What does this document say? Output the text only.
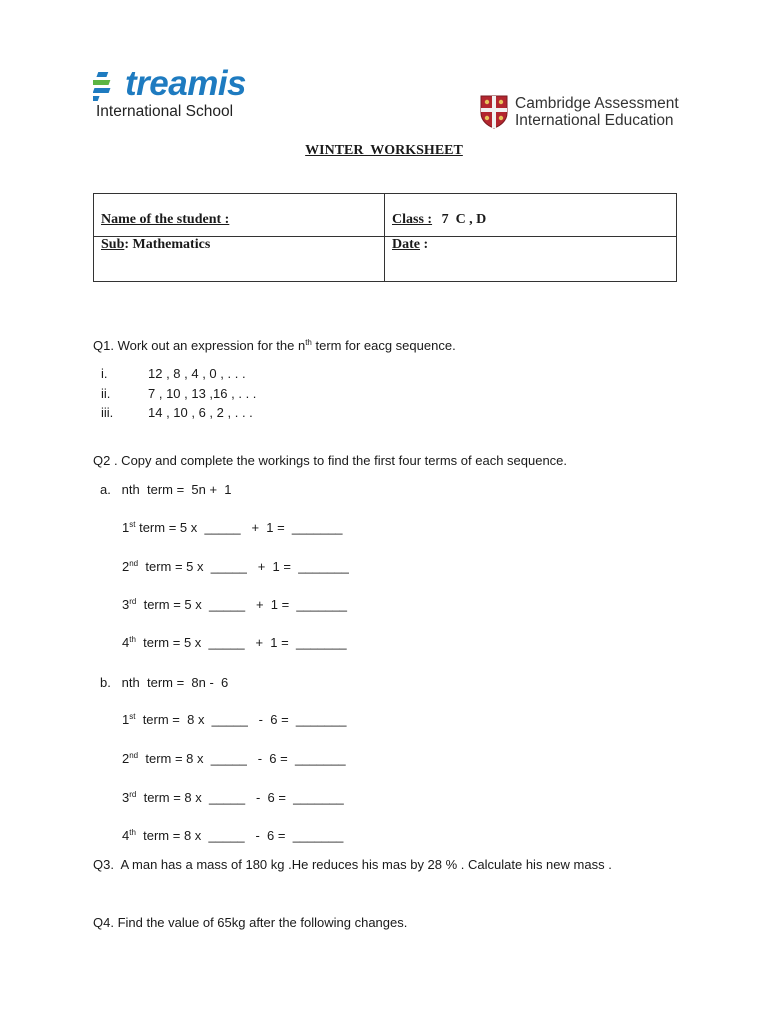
treamis
International School	Cambridge Assessment
International Education
WINTER  WORKSHEET
Name of the student :	Class : 7  C , D
Sub: Mathematics	Date :
Q1. Work out an expression for the $n^{th}$ term for eacg sequence.
i.	12 , 8 , 4 , 0 , . . .
ii.	7 , 10 , 13 ,16 , . . .
iii.	14 , 10 , 6 , 2 , . . .
Q2 . Copy and complete the workings to find the first four terms of each sequence.
a.   nth  term =  5n +  1
1st term = 5 x  _____   +  1 =  _______
2nd  term = 5 x  _____   +  1 =  _______
3rd  term = 5 x  _____   +  1 =  _______
4th  term = 5 x  _____   +  1 =  _______
b.   nth  term =  8n -  6
1st  term =  8 x  _____   -  6 =  _______
2nd  term = 8 x  _____   -  6 =  _______
3rd  term = 8 x  _____   -  6 =  _______
4th  term = 8 x  _____   -  6 =  _______
Q3.  A man has a mass of 180 kg .He reduces his mas by 28 % . Calculate his new mass .
Q4. Find the value of 65kg after the following changes.
